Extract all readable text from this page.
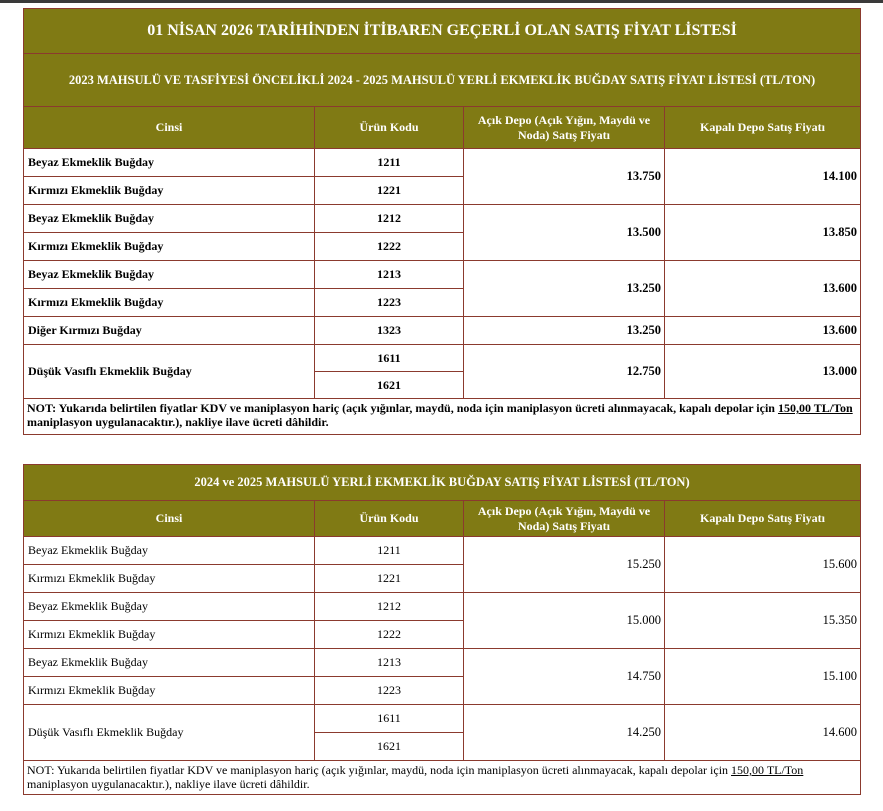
01 NİSAN 2026 TARİHİNDEN İTİBAREN GEÇERLİ OLAN SATIŞ FİYAT LİSTESİ			
2023 MAHSULÜ VE TASFİYESİ ÖNCELİKLİ 2024 - 2025 MAHSULÜ YERLİ EKMEKLİK BUĞDAY SATIŞ FİYAT LİSTESİ (TL/TON)			
Cinsi	Ürün Kodu	Açık Depo (Açık Yığın, Maydü ve Noda) Satış Fiyatı	Kapalı Depo Satış Fiyatı
Beyaz Ekmeklik Buğday	1211	13.750	14.100
Kırmızı Ekmeklik Buğday	1221		
Beyaz Ekmeklik Buğday	1212	13.500	13.850
Kırmızı Ekmeklik Buğday	1222		
Beyaz Ekmeklik Buğday	1213	13.250	13.600
Kırmızı Ekmeklik Buğday	1223		
Diğer Kırmızı Buğday	1323	13.250	13.600
Düşük Vasıflı Ekmeklik Buğday	1611	12.750	13.000
	1621		
NOT: Yukarıda belirtilen fiyatlar KDV ve maniplasyon hariç (açık yığınlar, maydü, noda için maniplasyon ücreti alınmayacak, kapalı depolar için 150,00 TL/Ton maniplasyon uygulanacaktır.), nakliye ilave ücreti dâhildir.			
2024 ve 2025 MAHSULÜ YERLİ EKMEKLİK BUĞDAY SATIŞ FİYAT LİSTESİ (TL/TON)			
Cinsi	Ürün Kodu	Açık Depo (Açık Yığın, Maydü ve Noda) Satış Fiyatı	Kapalı Depo Satış Fiyatı
Beyaz Ekmeklik Buğday	1211	15.250	15.600
Kırmızı Ekmeklik Buğday	1221		
Beyaz Ekmeklik Buğday	1212	15.000	15.350
Kırmızı Ekmeklik Buğday	1222		
Beyaz Ekmeklik Buğday	1213	14.750	15.100
Kırmızı Ekmeklik Buğday	1223		
Düşük Vasıflı Ekmeklik Buğday	1611	14.250	14.600
	1621		
NOT: Yukarıda belirtilen fiyatlar KDV ve maniplasyon hariç (açık yığınlar, maydü, noda için maniplasyon ücreti alınmayacak, kapalı depolar için 150,00 TL/Ton maniplasyon uygulanacaktır.), nakliye ilave ücreti dâhildir.			
